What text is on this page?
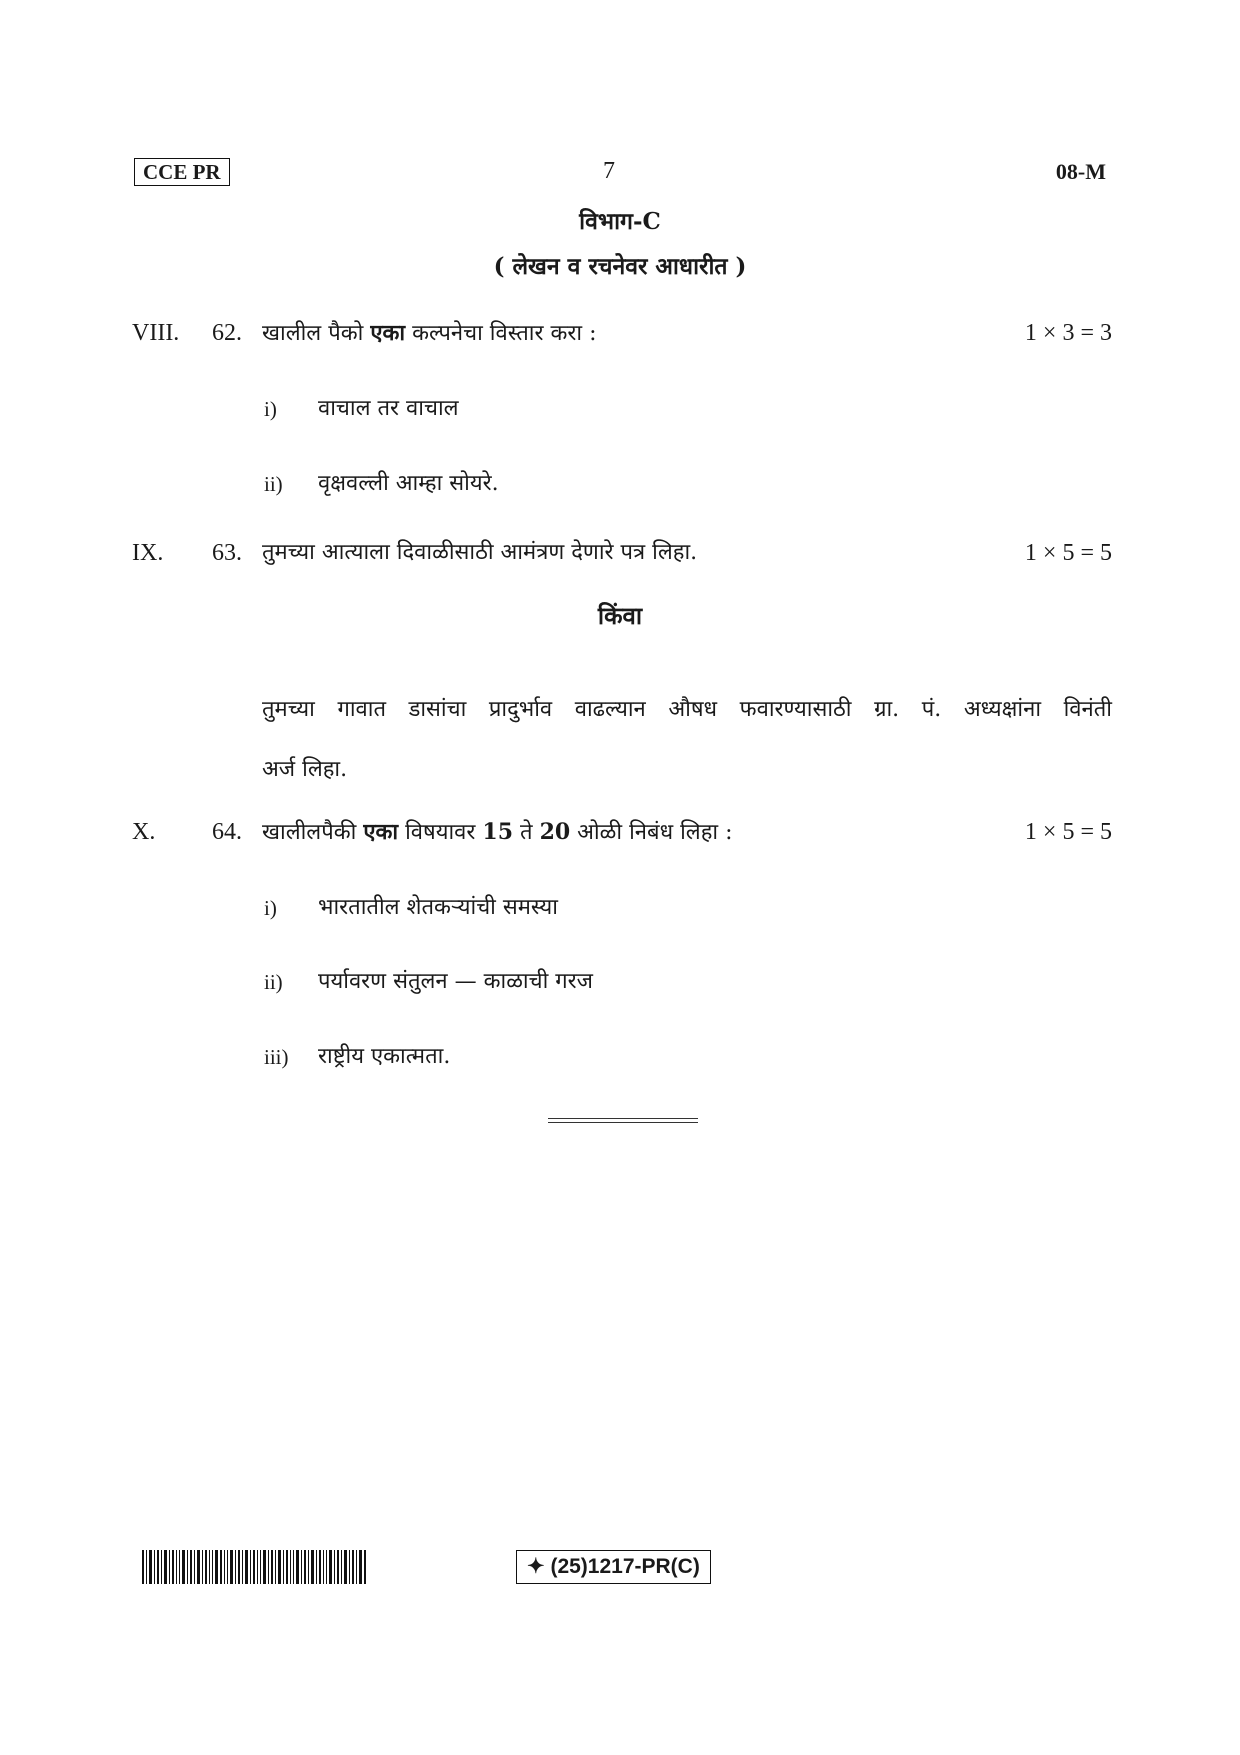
CCE PR	7	08-M
विभाग-C
( लेखन व रचनेवर आधारीत )
VIII. 62. खालील पैको एका कल्पनेचा विस्तार करा :	1 × 3 = 3
i) वाचाल तर वाचाल
ii) वृक्षवल्ली आम्हा सोयरे.
IX. 63. तुमच्या आत्याला दिवाळीसाठी आमंत्रण देणारे पत्र लिहा.	1 × 5 = 5
किंवा
तुमच्या गावात डासांचा प्रादुर्भाव वाढल्यान औषध फवारण्यासाठी ग्रा. पं. अध्यक्षांना विनंती
अर्ज लिहा.
X. 64. खालीलपैकी एका विषयावर 15 ते 20 ओळी निबंध लिहा :	1 × 5 = 5
i) भारतातील शेतकऱ्यांची समस्या
ii) पर्यावरण संतुलन — काळाची गरज
iii) राष्ट्रीय एकात्मता.
✦ (25)1217-PR(C)
